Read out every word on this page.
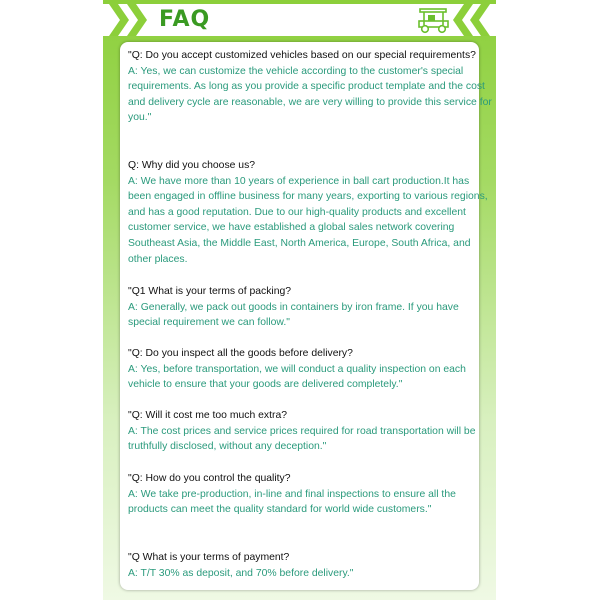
FAQ

"Q: Do you accept customized vehicles based on our special requirements?

A: Yes, we can customize the vehicle according to the customer's special requirements. As long as you provide a specific product template and the cost and delivery cycle are reasonable, we are very willing to provide this service for you."

Q: Why did you choose us?

A: We have more than 10 years of experience in ball cart production.It has been engaged in offline business for many years, exporting to various regions, and has a good reputation. Due to our high-quality products and excellent customer service, we have established a global sales network covering Southeast Asia, the Middle East, North America, Europe, South Africa, and other places.

"Q1 What is your terms of packing?

A: Generally, we pack out goods in containers by iron frame. If you have special requirement we can follow."

"Q: Do you inspect all the goods before delivery?

A: Yes, before transportation, we will conduct a quality inspection on each vehicle to ensure that your goods are delivered completely."

"Q: Will it cost me too much extra?

A: The cost prices and service prices required for road transportation will be truthfully disclosed, without any deception."

"Q: How do you control the quality?

A: We take pre-production, in-line and final inspections to ensure all the products can meet the quality standard for world wide customers."

"Q What is your terms of payment?

A: T/T 30% as deposit, and 70% before delivery."
